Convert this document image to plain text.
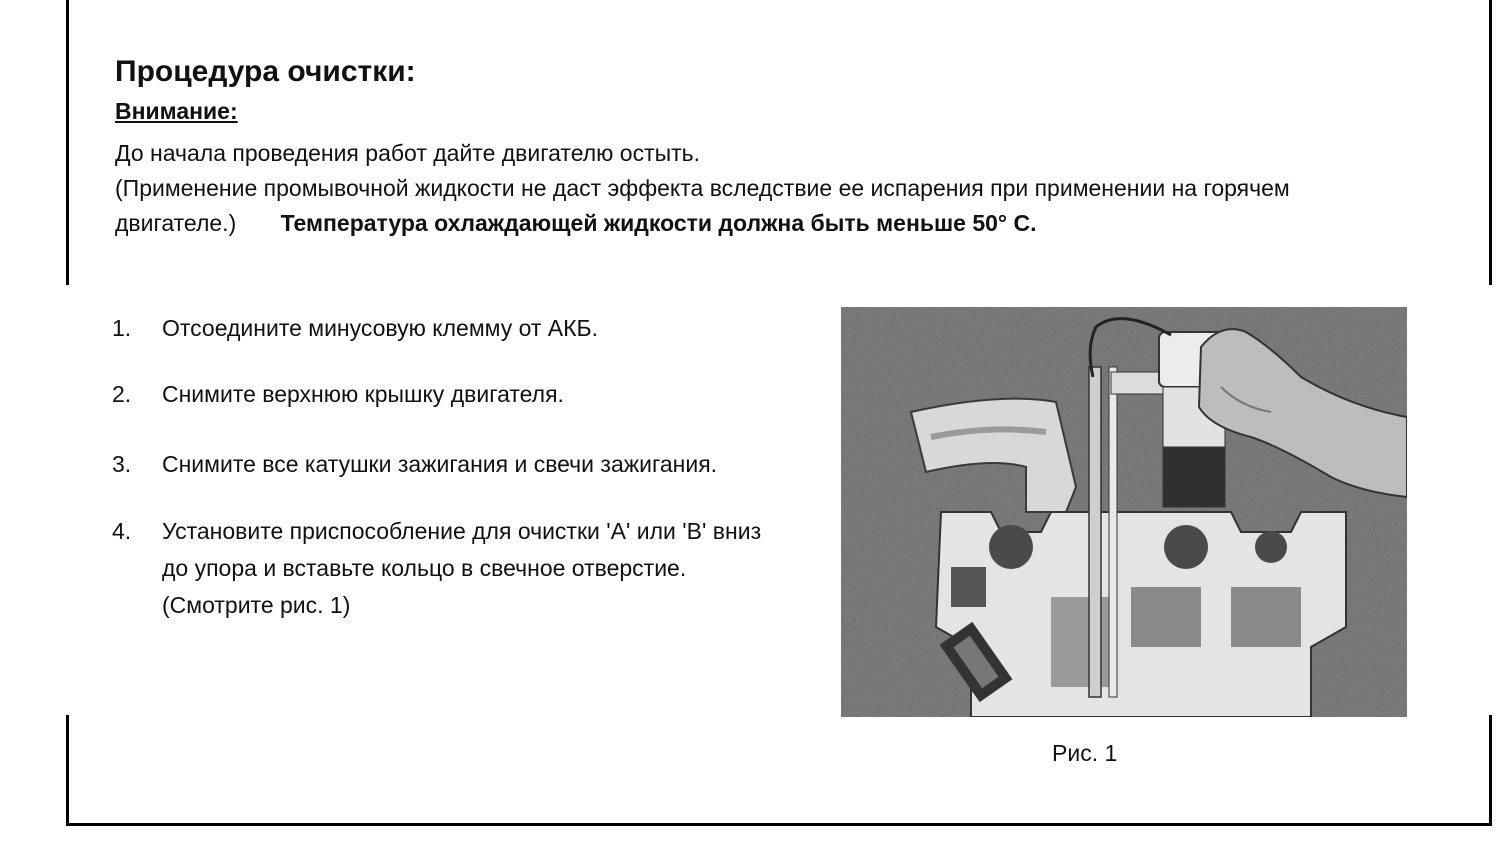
Процедура очистки:
Внимание:

До начала проведения работ дайте двигателю остыть.
(Применение промывочной жидкости не даст эффекта вследствие ее испарения при применении на горячем двигателе.) Температура охлаждающей жидкости должна быть меньше 50° С.

1.	Отсоедините минусовую клемму от АКБ.
2.	Снимите верхнюю крышку двигателя.
3.	Снимите все катушки зажигания и свечи зажигания.
4.	Установите приспособление для очистки 'A' или 'B' вниз до упора и вставьте кольцо в свечное отверстие. (Смотрите рис. 1)
Рис. 1
